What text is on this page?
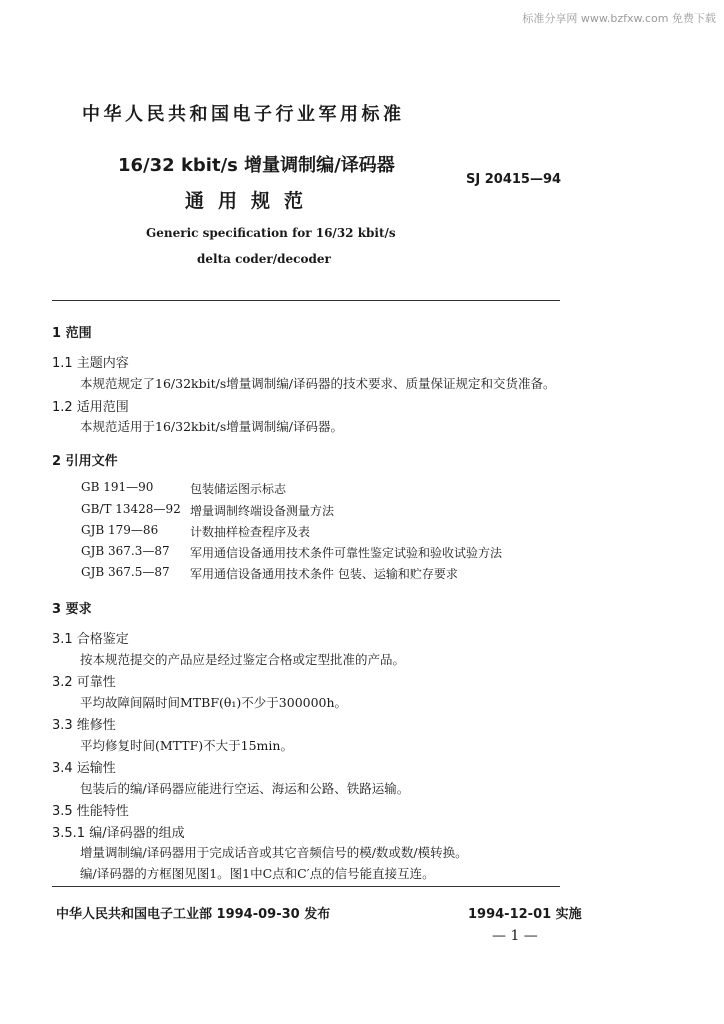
标准分享网 www.bzfxw.com 免费下载
中华人民共和国电子行业军用标准
16/32 kbit/s 增量调制编/译码器
通用规范
SJ 20415—94
Generic specification for 16/32 kbit/s
delta coder/decoder
1 范围
1.1 主题内容
本规范规定了16/32kbit/s增量调制编/译码器的技术要求、质量保证规定和交货准备。
1.2 适用范围
本规范适用于16/32kbit/s增量调制编/译码器。
2 引用文件
GB 191—90	包装储运图示标志
GB/T 13428—92 增量调制终端设备测量方法
GJB 179—86	计数抽样检查程序及表
GJB 367.3—87 军用通信设备通用技术条件可靠性鉴定试验和验收试验方法
GJB 367.5—87 军用通信设备通用技术条件 包装、运输和贮存要求
3 要求
3.1 合格鉴定
按本规范提交的产品应是经过鉴定合格或定型批准的产品。
3.2 可靠性
平均故障间隔时间MTBF(θ₁)不少于300000h。
3.3 维修性
平均修复时间(MTTF)不大于15min。
3.4 运输性
包装后的编/译码器应能进行空运、海运和公路、铁路运输。
3.5 性能特性
3.5.1 编/译码器的组成
增量调制编/译码器用于完成话音或其它音频信号的模/数或数/模转换。
编/译码器的方框图见图1。图1中C点和C′点的信号能直接互连。
中华人民共和国电子工业部 1994-09-30 发布	1994-12-01 实施
— 1 —
